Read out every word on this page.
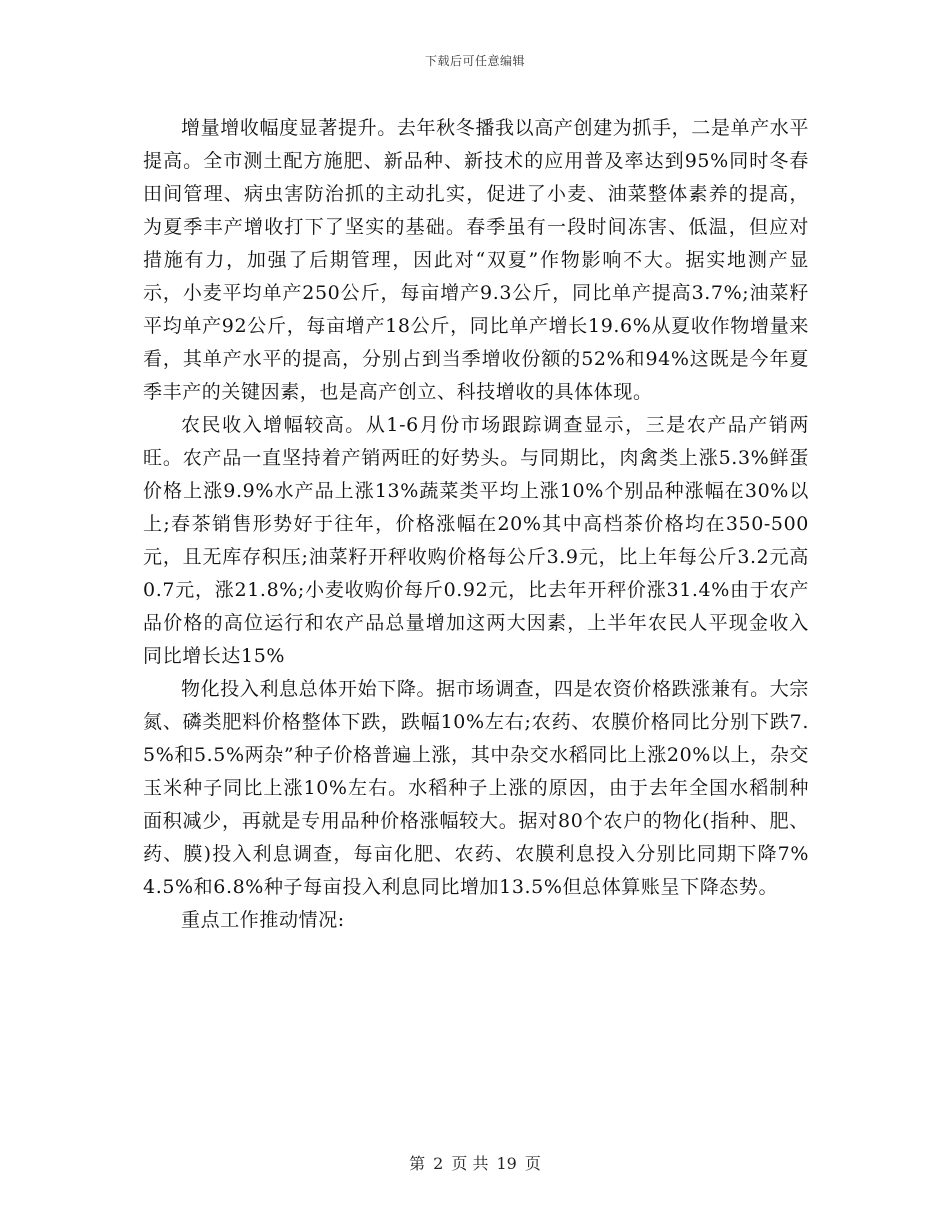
下载后可任意编辑

增量增收幅度显著提升。去年秋冬播我以高产创建为抓手，二是单产水平提高。全市测土配方施肥、新品种、新技术的应用普及率达到95%同时冬春田间管理、病虫害防治抓的主动扎实，促进了小麦、油菜整体素养的提高，为夏季丰产增收打下了坚实的基础。春季虽有一段时间冻害、低温，但应对措施有力，加强了后期管理，因此对“双夏”作物影响不大。据实地测产显示，小麦平均单产250公斤，每亩增产9.3公斤，同比单产提高3.7%;油菜籽平均单产92公斤，每亩增产18公斤，同比单产增长19.6%从夏收作物增量来看，其单产水平的提高，分别占到当季增收份额的52%和94%这既是今年夏季丰产的关键因素，也是高产创立、科技增收的具体体现。

农民收入增幅较高。从1-6月份市场跟踪调查显示，三是农产品产销两旺。农产品一直坚持着产销两旺的好势头。与同期比，肉禽类上涨5.3%鲜蛋价格上涨9.9%水产品上涨13%蔬菜类平均上涨10%个别品种涨幅在30%以上;春茶销售形势好于往年，价格涨幅在20%其中高档茶价格均在350-500元，且无库存积压;油菜籽开秤收购价格每公斤3.9元，比上年每公斤3.2元高0.7元，涨21.8%;小麦收购价每斤0.92元，比去年开秤价涨31.4%由于农产品价格的高位运行和农产品总量增加这两大因素，上半年农民人平现金收入同比增长达15%

物化投入利息总体开始下降。据市场调查，四是农资价格跌涨兼有。大宗氮、磷类肥料价格整体下跌，跌幅10%左右;农药、农膜价格同比分别下跌7.5%和5.5%两杂”种子价格普遍上涨，其中杂交水稻同比上涨20%以上，杂交玉米种子同比上涨10%左右。水稻种子上涨的原因，由于去年全国水稻制种面积减少，再就是专用品种价格涨幅较大。据对80个农户的物化(指种、肥、药、膜)投入利息调查，每亩化肥、农药、农膜利息投入分别比同期下降7%4.5%和6.8%种子每亩投入利息同比增加13.5%但总体算账呈下降态势。

重点工作推动情况:

第 2 页 共 19 页
